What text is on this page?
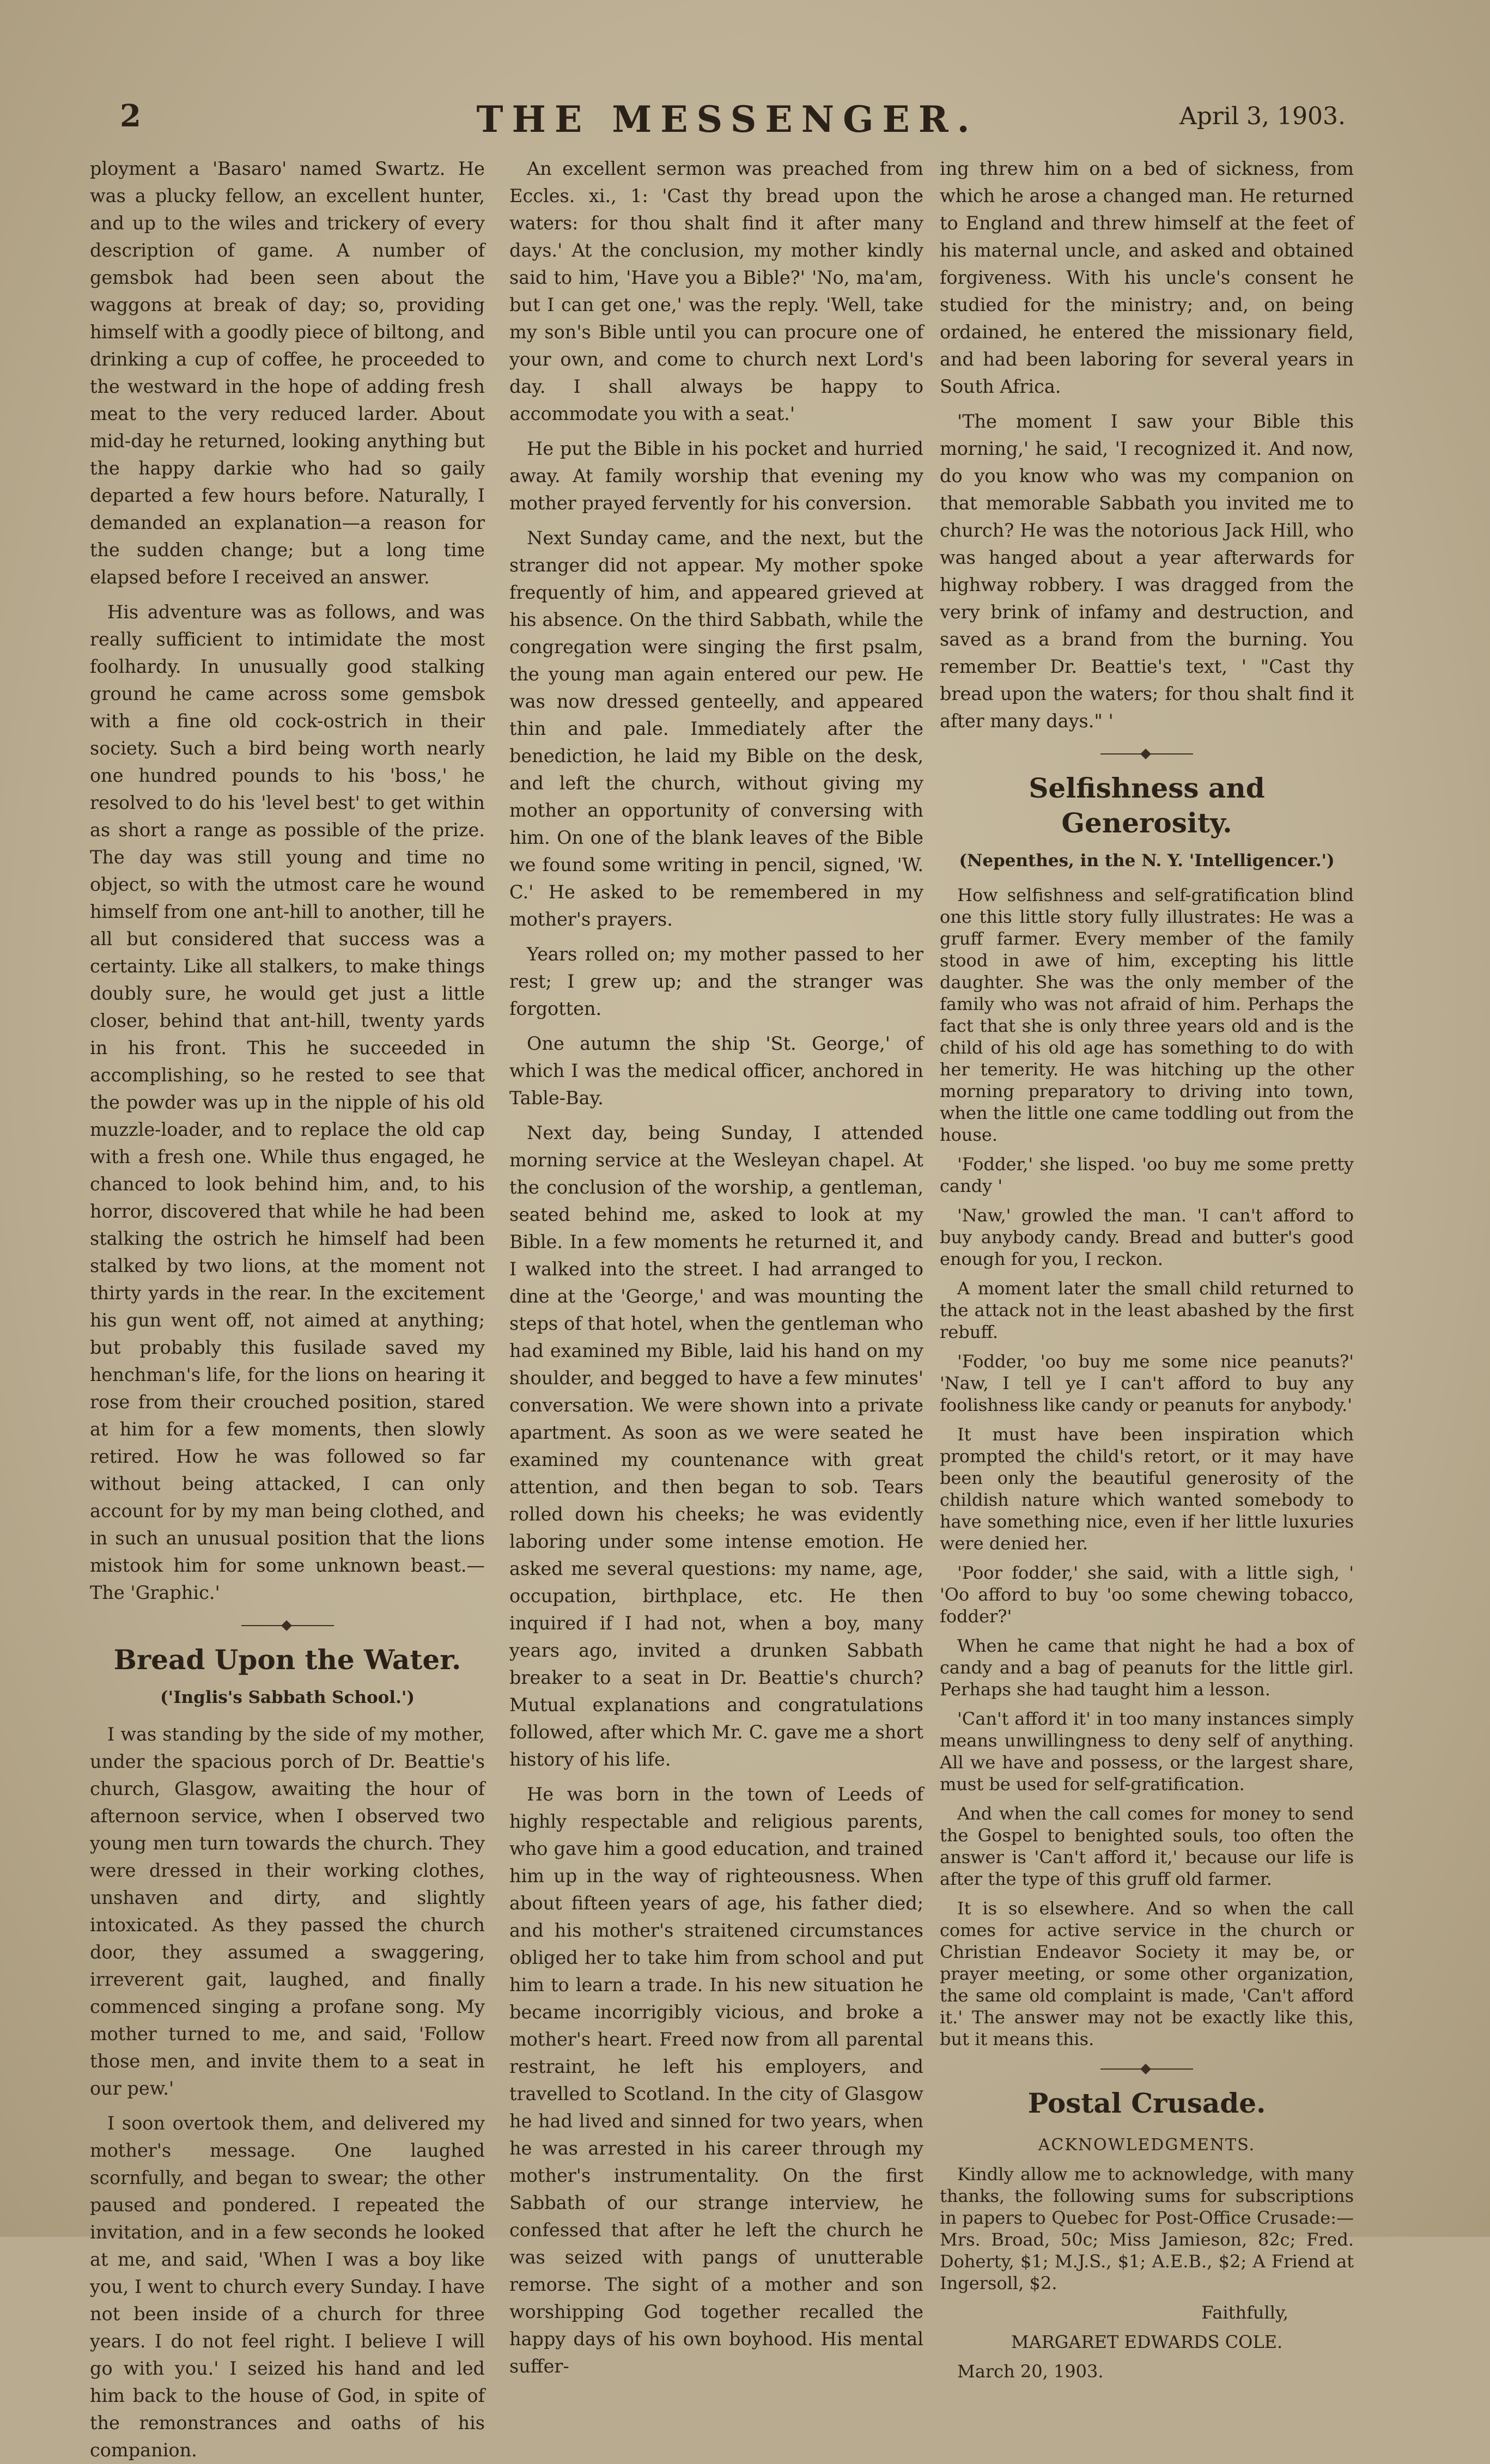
2	THE MESSENGER.	April 3, 1903.

ployment a 'Basaro' named Swartz. He was a plucky fellow, an excellent hunter, and up to the wiles and trickery of every description of game. A number of gemsbok had been seen about the waggons at break of day; so, providing himself with a goodly piece of biltong, and drinking a cup of coffee, he proceeded to the westward in the hope of adding fresh meat to the very reduced larder. About mid-day he returned, looking anything but the happy darkie who had so gaily departed a few hours before. Naturally, I demanded an explanation—a reason for the sudden change; but a long time elapsed before I received an answer.

His adventure was as follows, and was really sufficient to intimidate the most foolhardy. In unusually good stalking ground he came across some gemsbok with a fine old cock-ostrich in their society. Such a bird being worth nearly one hundred pounds to his 'boss,' he resolved to do his 'level best' to get within as short a range as possible of the prize. The day was still young and time no object, so with the utmost care he wound himself from one ant-hill to another, till he all but considered that success was a certainty. Like all stalkers, to make things doubly sure, he would get just a little closer, behind that ant-hill, twenty yards in his front. This he succeeded in accomplishing, so he rested to see that the powder was up in the nipple of his old muzzle-loader, and to replace the old cap with a fresh one. While thus engaged, he chanced to look behind him, and, to his horror, discovered that while he had been stalking the ostrich he himself had been stalked by two lions, at the moment not thirty yards in the rear. In the excitement his gun went off, not aimed at anything; but probably this fusilade saved my henchman's life, for the lions on hearing it rose from their crouched position, stared at him for a few moments, then slowly retired. How he was followed so far without being attacked, I can only account for by my man being clothed, and in such an unusual position that the lions mistook him for some unknown beast.—The 'Graphic.'

Bread Upon the Water.
('Inglis's Sabbath School.')

I was standing by the side of my mother, under the spacious porch of Dr. Beattie's church, Glasgow, awaiting the hour of afternoon service, when I observed two young men turn towards the church. They were dressed in their working clothes, unshaven and dirty, and slightly intoxicated. As they passed the church door, they assumed a swaggering, irreverent gait, laughed, and finally commenced singing a profane song. My mother turned to me, and said, 'Follow those men, and invite them to a seat in our pew.'

I soon overtook them, and delivered my mother's message. One laughed scornfully, and began to swear; the other paused and pondered. I repeated the invitation, and in a few seconds he looked at me, and said, 'When I was a boy like you, I went to church every Sunday. I have not been inside of a church for three years. I do not feel right. I believe I will go with you.' I seized his hand and led him back to the house of God, in spite of the remonstrances and oaths of his companion.

An excellent sermon was preached from Eccles. xi., 1: 'Cast thy bread upon the waters: for thou shalt find it after many days.' At the conclusion, my mother kindly said to him, 'Have you a Bible?' 'No, ma'am, but I can get one,' was the reply. 'Well, take my son's Bible until you can procure one of your own, and come to church next Lord's day. I shall always be happy to accommodate you with a seat.'

He put the Bible in his pocket and hurried away. At family worship that evening my mother prayed fervently for his conversion.

Next Sunday came, and the next, but the stranger did not appear. My mother spoke frequently of him, and appeared grieved at his absence. On the third Sabbath, while the congregation were singing the first psalm, the young man again entered our pew. He was now dressed genteelly, and appeared thin and pale. Immediately after the benediction, he laid my Bible on the desk, and left the church, without giving my mother an opportunity of conversing with him. On one of the blank leaves of the Bible we found some writing in pencil, signed, 'W. C.' He asked to be remembered in my mother's prayers.

Years rolled on; my mother passed to her rest; I grew up; and the stranger was forgotten.

One autumn the ship 'St. George,' of which I was the medical officer, anchored in Table-Bay.

Next day, being Sunday, I attended morning service at the Wesleyan chapel. At the conclusion of the worship, a gentleman, seated behind me, asked to look at my Bible. In a few moments he returned it, and I walked into the street. I had arranged to dine at the 'George,' and was mounting the steps of that hotel, when the gentleman who had examined my Bible, laid his hand on my shoulder, and begged to have a few minutes' conversation. We were shown into a private apartment. As soon as we were seated he examined my countenance with great attention, and then began to sob. Tears rolled down his cheeks; he was evidently laboring under some intense emotion. He asked me several questions: my name, age, occupation, birthplace, etc. He then inquired if I had not, when a boy, many years ago, invited a drunken Sabbath breaker to a seat in Dr. Beattie's church? Mutual explanations and congratulations followed, after which Mr. C. gave me a short history of his life.

He was born in the town of Leeds of highly respectable and religious parents, who gave him a good education, and trained him up in the way of righteousness. When about fifteen years of age, his father died; and his mother's straitened circumstances obliged her to take him from school and put him to learn a trade. In his new situation he became incorrigibly vicious, and broke a mother's heart. Freed now from all parental restraint, he left his employers, and travelled to Scotland. In the city of Glasgow he had lived and sinned for two years, when he was arrested in his career through my mother's instrumentality. On the first Sabbath of our strange interview, he confessed that after he left the church he was seized with pangs of unutterable remorse. The sight of a mother and son worshipping God together recalled the happy days of his own boyhood. His mental suffer-

ing threw him on a bed of sickness, from which he arose a changed man. He returned to England and threw himself at the feet of his maternal uncle, and asked and obtained forgiveness. With his uncle's consent he studied for the ministry; and, on being ordained, he entered the missionary field, and had been laboring for several years in South Africa.

'The moment I saw your Bible this morning,' he said, 'I recognized it. And now, do you know who was my companion on that memorable Sabbath you invited me to church? He was the notorious Jack Hill, who was hanged about a year afterwards for highway robbery. I was dragged from the very brink of infamy and destruction, and saved as a brand from the burning. You remember Dr. Beattie's text, ' "Cast thy bread upon the waters; for thou shalt find it after many days." '

Selfishness and Generosity.
(Nepenthes, in the N. Y. 'Intelligencer.')

How selfishness and self-gratification blind one this little story fully illustrates: He was a gruff farmer. Every member of the family stood in awe of him, excepting his little daughter. She was the only member of the family who was not afraid of him. Perhaps the fact that she is only three years old and is the child of his old age has something to do with her temerity. He was hitching up the other morning preparatory to driving into town, when the little one came toddling out from the house.

'Fodder,' she lisped. 'oo buy me some pretty candy '

'Naw,' growled the man. 'I can't afford to buy anybody candy. Bread and butter's good enough for you, I reckon.

A moment later the small child returned to the attack not in the least abashed by the first rebuff.

'Fodder, 'oo buy me some nice peanuts?' 'Naw, I tell ye I can't afford to buy any foolishness like candy or peanuts for anybody.'

It must have been inspiration which prompted the child's retort, or it may have been only the beautiful generosity of the childish nature which wanted somebody to have something nice, even if her little luxuries were denied her.

'Poor fodder,' she said, with a little sigh, ' 'Oo afford to buy 'oo some chewing tobacco, fodder?'

When he came that night he had a box of candy and a bag of peanuts for the little girl. Perhaps she had taught him a lesson.

'Can't afford it' in too many instances simply means unwillingness to deny self of anything. All we have and possess, or the largest share, must be used for self-gratification.

And when the call comes for money to send the Gospel to benighted souls, too often the answer is 'Can't afford it,' because our life is after the type of this gruff old farmer.

It is so elsewhere. And so when the call comes for active service in the church or Christian Endeavor Society it may be, or prayer meeting, or some other organization, the same old complaint is made, 'Can't afford it.' The answer may not be exactly like this, but it means this.

Postal Crusade.
ACKNOWLEDGMENTS.

Kindly allow me to acknowledge, with many thanks, the following sums for subscriptions in papers to Quebec for Post-Office Crusade:—Mrs. Broad, 50c; Miss Jamieson, 82c; Fred. Doherty, $1; M.J.S., $1; A.E.B., $2; A Friend at Ingersoll, $2.

Faithfully,

MARGARET EDWARDS COLE.

March 20, 1903.
